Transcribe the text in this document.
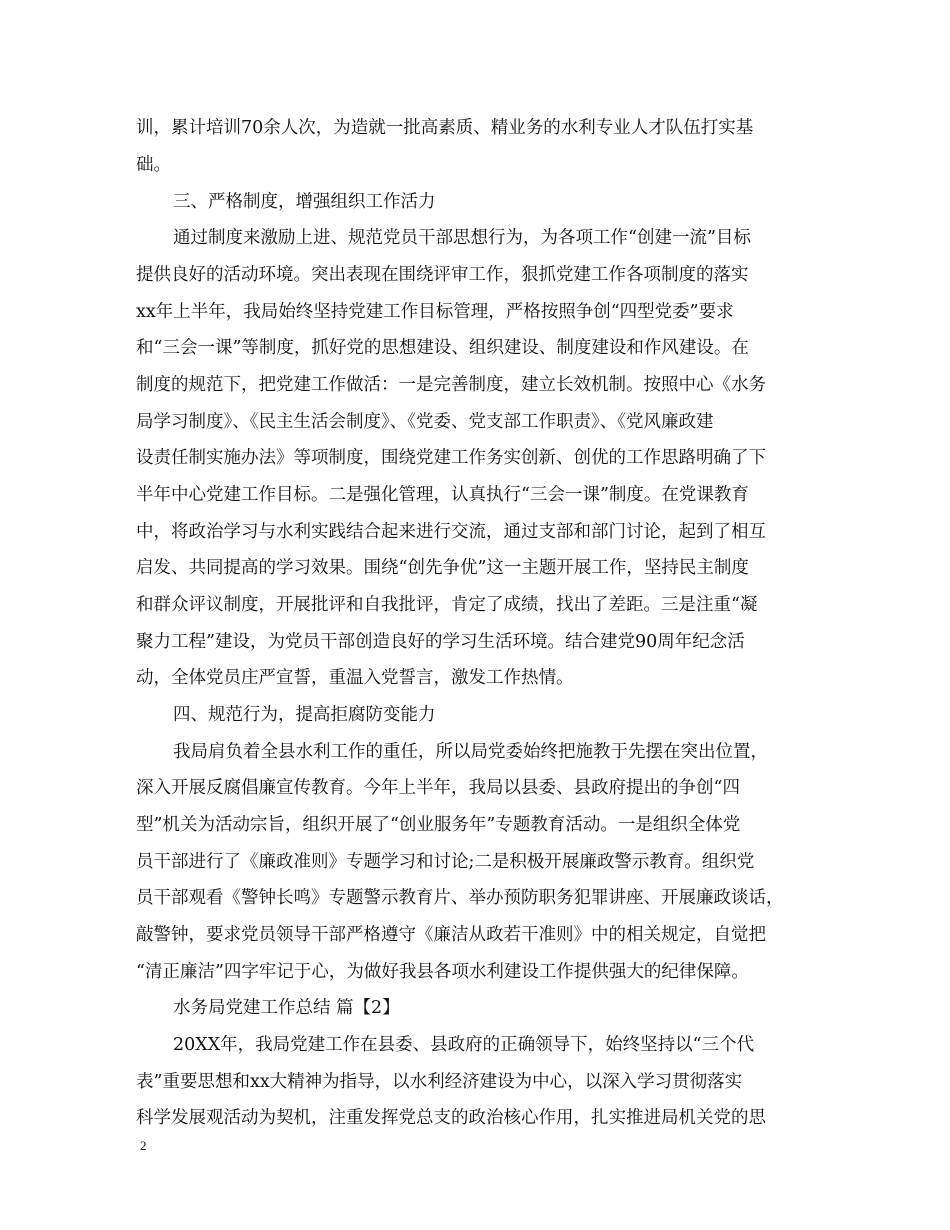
训，累计培训70余人次，为造就一批高素质、精业务的水利专业人才队伍打实基

础。

三、严格制度，增强组织工作活力

通过制度来激励上进、规范党员干部思想行为，为各项工作“创建一流”目标

提供良好的活动环境。突出表现在围绕评审工作，狠抓党建工作各项制度的落实

xx年上半年，我局始终坚持党建工作目标管理，严格按照争创“四型党委”要求

和“三会一课”等制度，抓好党的思想建设、组织建设、制度建设和作风建设。在

制度的规范下，把党建工作做活：一是完善制度，建立长效机制。按照中心《水务

局学习制度》、《民主生活会制度》、《党委、党支部工作职责》、《党风廉政建

设责任制实施办法》等项制度，围绕党建工作务实创新、创优的工作思路明确了下

半年中心党建工作目标。二是强化管理，认真执行“三会一课”制度。在党课教育

中，将政治学习与水利实践结合起来进行交流，通过支部和部门讨论，起到了相互

启发、共同提高的学习效果。围绕“创先争优”这一主题开展工作，坚持民主制度

和群众评议制度，开展批评和自我批评，肯定了成绩，找出了差距。三是注重“凝

聚力工程”建设，为党员干部创造良好的学习生活环境。结合建党90周年纪念活

动，全体党员庄严宣誓，重温入党誓言，激发工作热情。

四、规范行为，提高拒腐防变能力

我局肩负着全县水利工作的重任，所以局党委始终把施教于先摆在突出位置，

深入开展反腐倡廉宣传教育。今年上半年，我局以县委、县政府提出的争创“四

型”机关为活动宗旨，组织开展了“创业服务年”专题教育活动。一是组织全体党

员干部进行了《廉政准则》专题学习和讨论;二是积极开展廉政警示教育。组织党

员干部观看《警钟长鸣》专题警示教育片、举办预防职务犯罪讲座、开展廉政谈话，

敲警钟，要求党员领导干部严格遵守《廉洁从政若干准则》中的相关规定，自觉把

“清正廉洁”四字牢记于心，为做好我县各项水利建设工作提供强大的纪律保障。

水务局党建工作总结 篇【2】

20XX年，我局党建工作在县委、县政府的正确领导下，始终坚持以“三个代

表”重要思想和xx大精神为指导，以水利经济建设为中心，以深入学习贯彻落实

科学发展观活动为契机，注重发挥党总支的政治核心作用，扎实推进局机关党的思

2
